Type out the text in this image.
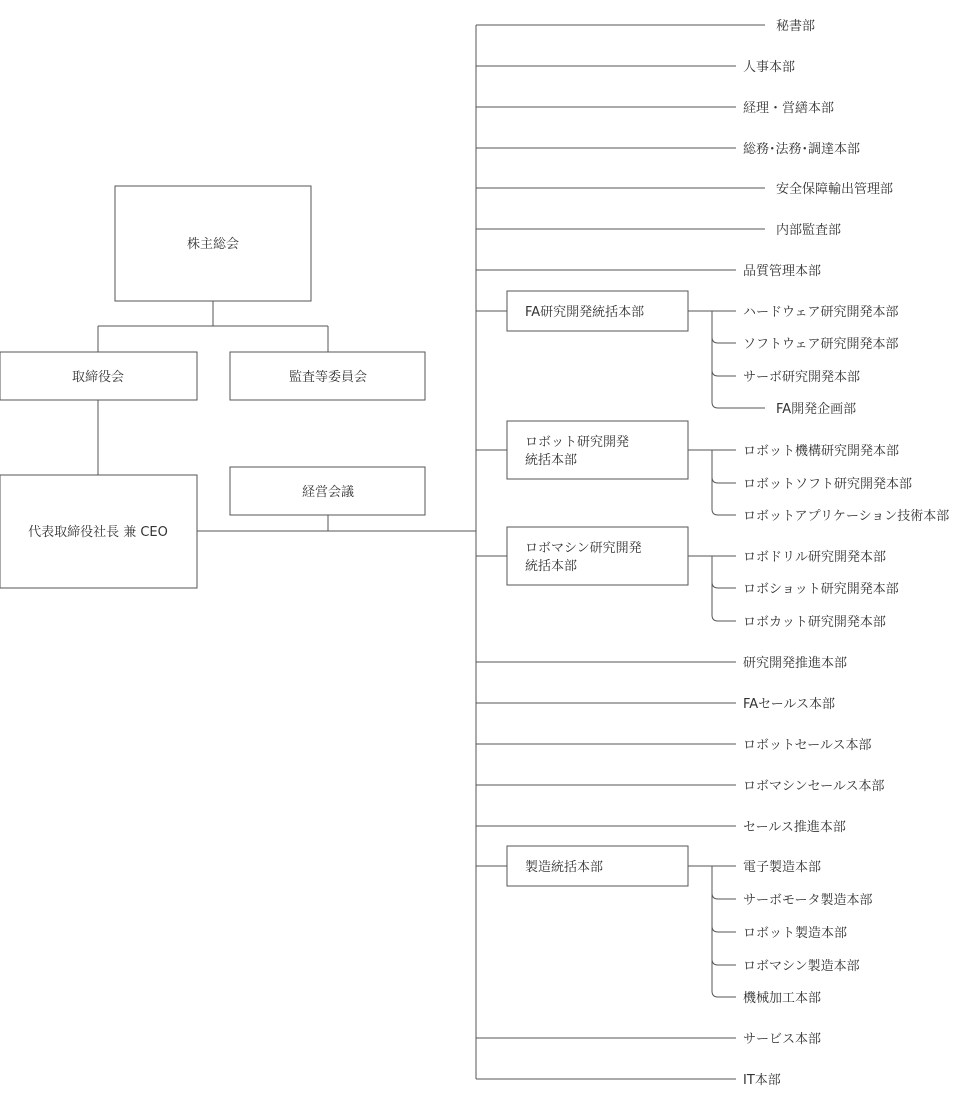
株主総会
取締役会	監査等委員会
経営会議
代表取締役社長 兼 CEO
FA研究開発統括本部
ロボット研究開発
統括本部
ロボマシン研究開発
統括本部
製造統括本部
秘書部
人事本部
経理・営繕本部
総務･法務･調達本部
安全保障輸出管理部
内部監査部
品質管理本部
ハードウェア研究開発本部
ソフトウェア研究開発本部
サーボ研究開発本部
FA開発企画部
ロボット機構研究開発本部
ロボットソフト研究開発本部
ロボットアプリケーション技術本部
ロボドリル研究開発本部
ロボショット研究開発本部
ロボカット研究開発本部
研究開発推進本部
FAセールス本部
ロボットセールス本部
ロボマシンセールス本部
セールス推進本部
電子製造本部
サーボモータ製造本部
ロボット製造本部
ロボマシン製造本部
機械加工本部
サービス本部
IT本部
